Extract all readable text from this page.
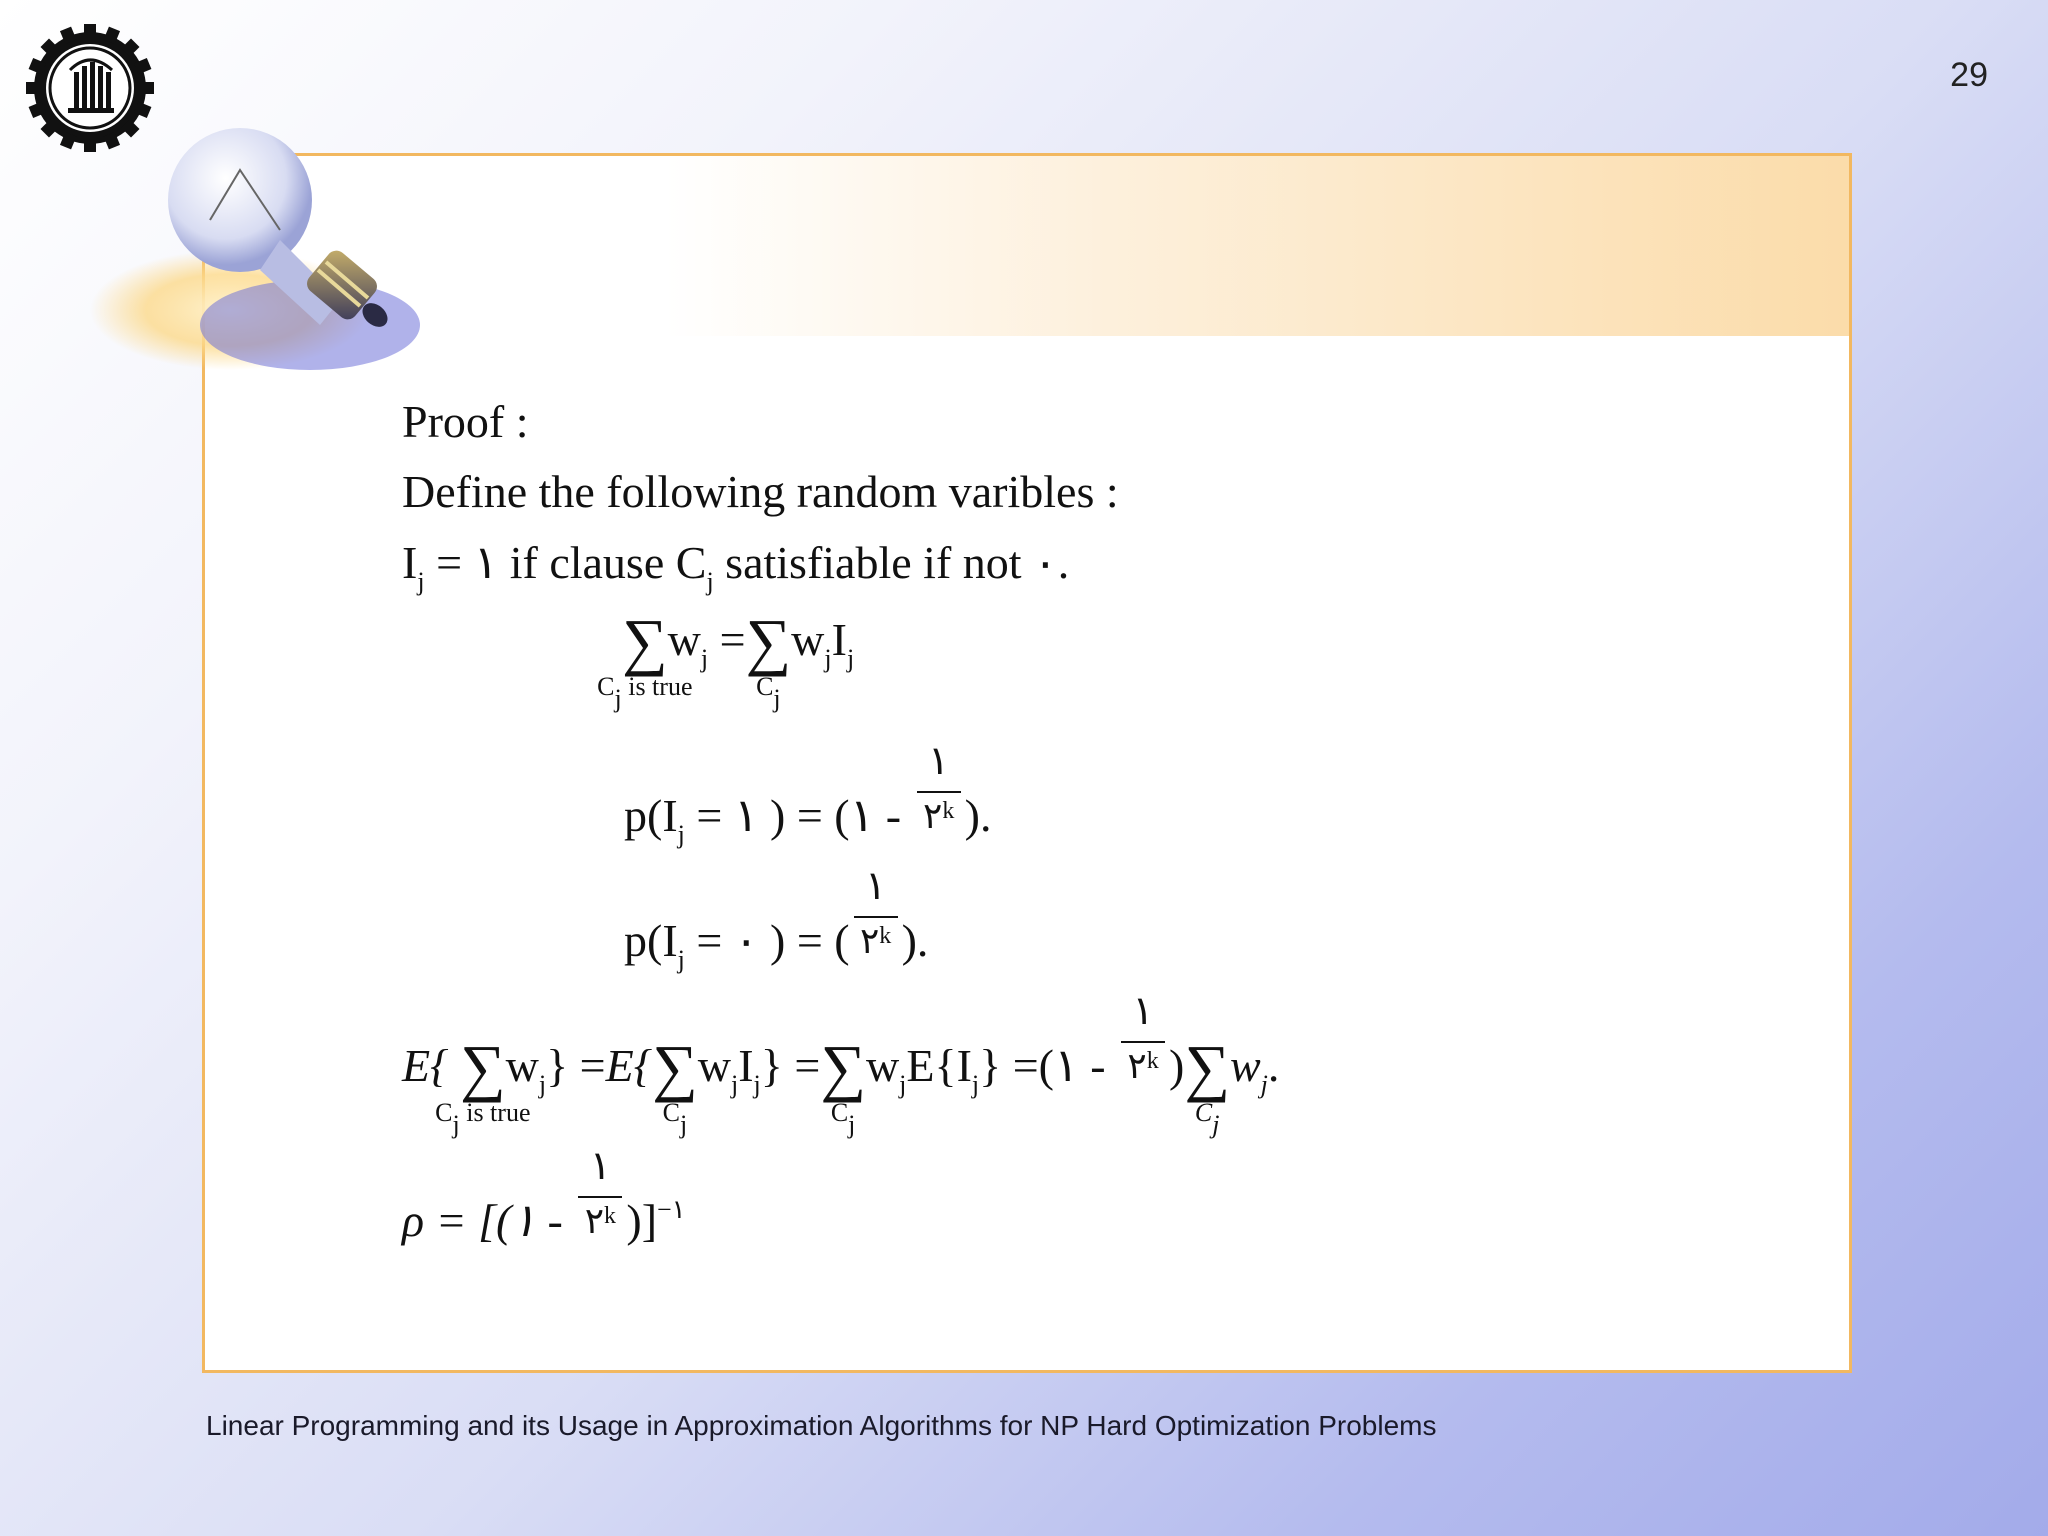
29
Proof :
Define the following random varibles :
$I_j$ = ۱ if clause $C_j$ satisfiable if not ۰.
∑
Cj is true
$w_j$ =∑
Cj
$w_jI_j$
$p(I_j$ = ۱ ) = (۱ - $\frac{۱}{۲^k}$ ).
$p(I_j$ = ۰ ) = ( $\frac{۱}{۲^k}$ ).
E{ ∑
Cj is true
$w_j\} =E\{\sum$
Cj
$w_jI_j$} =∑
Cj
$w_jE\{I_j\}$ =(۱ - $\frac{۱}{۲^k}$ )∑
Cj
$w_j$.
ρ = [(۱ - $\frac{۱}{۲^k} )]^{-۱}$
Linear Programming and its Usage in Approximation Algorithms for NP Hard Optimization Problems
